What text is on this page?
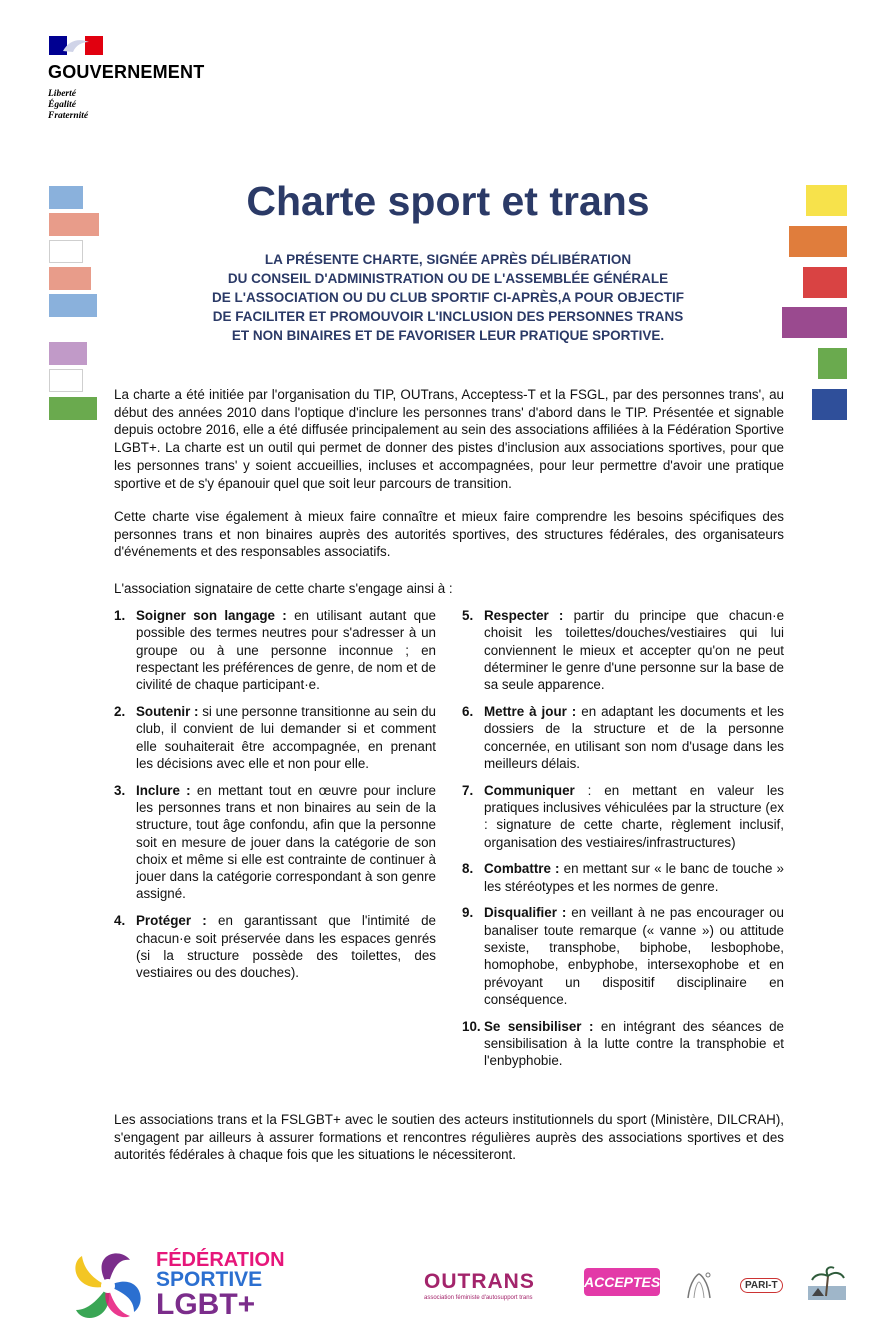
GOUVERNEMENT
Liberté
Égalité
Fraternité
Charte sport et trans
LA PRÉSENTE CHARTE, SIGNÉE APRÈS DÉLIBÉRATION
DU CONSEIL D'ADMINISTRATION OU DE L'ASSEMBLÉE GÉNÉRALE
DE L'ASSOCIATION OU DU CLUB SPORTIF CI-APRÈS,A POUR OBJECTIF
DE FACILITER ET PROMOUVOIR L'INCLUSION DES PERSONNES TRANS
ET NON BINAIRES ET DE FAVORISER LEUR PRATIQUE SPORTIVE.
La charte a été initiée par l'organisation du TIP, OUTrans, Acceptess-T et la FSGL, par des personnes trans', au début des années 2010 dans l'optique d'inclure les personnes trans' d'abord dans le TIP. Présentée et signable depuis octobre 2016, elle a été diffusée principalement au sein des associations affiliées à la Fédération Sportive LGBT+. La charte est un outil qui permet de donner des pistes d'inclusion aux associations sportives, pour que les personnes trans' y soient accueillies, incluses et accompagnées, pour leur permettre d'avoir une pratique sportive et de s'y épanouir quel que soit leur parcours de transition.
Cette charte vise également à mieux faire connaître et mieux faire comprendre les besoins spécifiques des personnes trans et non binaires auprès des autorités sportives, des structures fédérales, des organisateurs d'événements et des responsables associatifs.
L'association signataire de cette charte s'engage ainsi à :
1. Soigner son langage : en utilisant autant que possible des termes neutres pour s'adresser à un groupe ou à une personne inconnue ; en respectant les préférences de genre, de nom et de civilité de chaque participant·e.
2. Soutenir : si une personne transitionne au sein du club, il convient de lui demander si et comment elle souhaiterait être accompagnée, en prenant les décisions avec elle et non pour elle.
3. Inclure : en mettant tout en œuvre pour inclure les personnes trans et non binaires au sein de la structure, tout âge confondu, afin que la personne soit en mesure de jouer dans la catégorie de son choix et même si elle est contrainte de continuer à jouer dans la catégorie correspondant à son genre assigné.
4. Protéger : en garantissant que l'intimité de chacun·e soit préservée dans les espaces genrés (si la structure possède des toilettes, des vestiaires ou des douches).
5. Respecter : partir du principe que chacun·e choisit les toilettes/douches/vestiaires qui lui conviennent le mieux et accepter qu'on ne peut déterminer le genre d'une personne sur la base de sa seule apparence.
6. Mettre à jour : en adaptant les documents et les dossiers de la structure et de la personne concernée, en utilisant son nom d'usage dans les meilleurs délais.
7. Communiquer : en mettant en valeur les pratiques inclusives véhiculées par la structure (ex : signature de cette charte, règlement inclusif, organisation des vestiaires/infrastructures)
8. Combattre : en mettant sur « le banc de touche » les stéréotypes et les normes de genre.
9. Disqualifier : en veillant à ne pas encourager ou banaliser toute remarque (« vanne ») ou attitude sexiste, transphobe, biphobe, lesbophobe, homophobe, enbyphobe, intersexophobe et en prévoyant un dispositif disciplinaire en conséquence.
10. Se sensibiliser : en intégrant des séances de sensibilisation à la lutte contre la transphobie et l'enbyphobie.
Les associations trans et la FSLGBT+ avec le soutien des acteurs institutionnels du sport (Ministère, DILCRAH), s'engagent par ailleurs à assurer formations et rencontres régulières auprès des associations sportives et des autorités fédérales à chaque fois que les situations le nécessiteront.
FÉDÉRATION
SPORTIVE
LGBT+
OUTRANS
association féministe d'autosupport trans
ACCEPTESS	PARI-T
